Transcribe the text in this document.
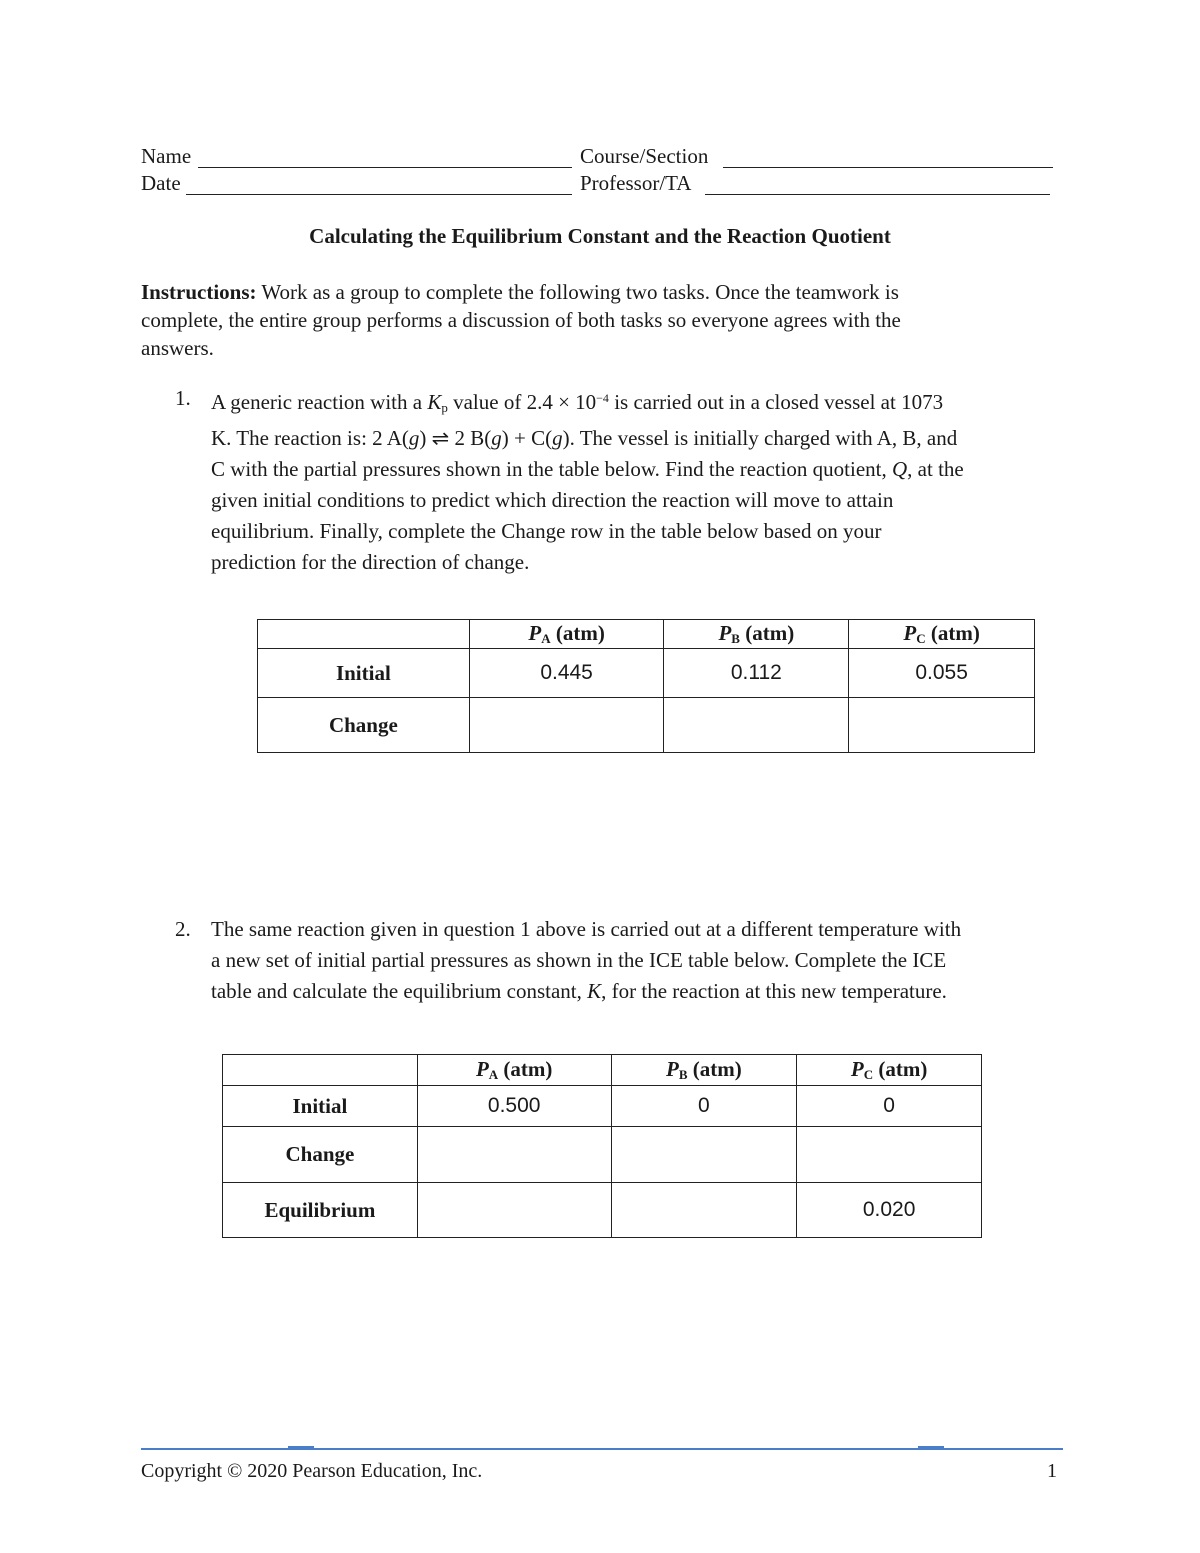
Name	Course/Section
Date	Professor/TA
Calculating the Equilibrium Constant and the Reaction Quotient
Instructions: Work as a group to complete the following two tasks. Once the teamwork is
complete, the entire group performs a discussion of both tasks so everyone agrees with the
answers.
1. A generic reaction with a $K_p$ value of $2.4 \times 10^{-4}$ is carried out in a closed vessel at 1073
K. The reaction is: 2 A(g) ⇌ 2 B(g) + C(g). The vessel is initially charged with A, B, and
C with the partial pressures shown in the table below. Find the reaction quotient, Q, at the
given initial conditions to predict which direction the reaction will move to attain
equilibrium. Finally, complete the Change row in the table below based on your
prediction for the direction of change.
	$P_A$ (atm)	$P_B$ (atm)	$P_C$ (atm)
Initial	0.445	0.112	0.055
Change			
2. The same reaction given in question 1 above is carried out at a different temperature with
a new set of initial partial pressures as shown in the ICE table below. Complete the ICE
table and calculate the equilibrium constant, K, for the reaction at this new temperature.
	$P_A$ (atm)	$P_B$ (atm)	$P_C$ (atm)
Initial	0.500	0	0
Change			
Equilibrium			0.020
Copyright © 2020 Pearson Education, Inc.	1
